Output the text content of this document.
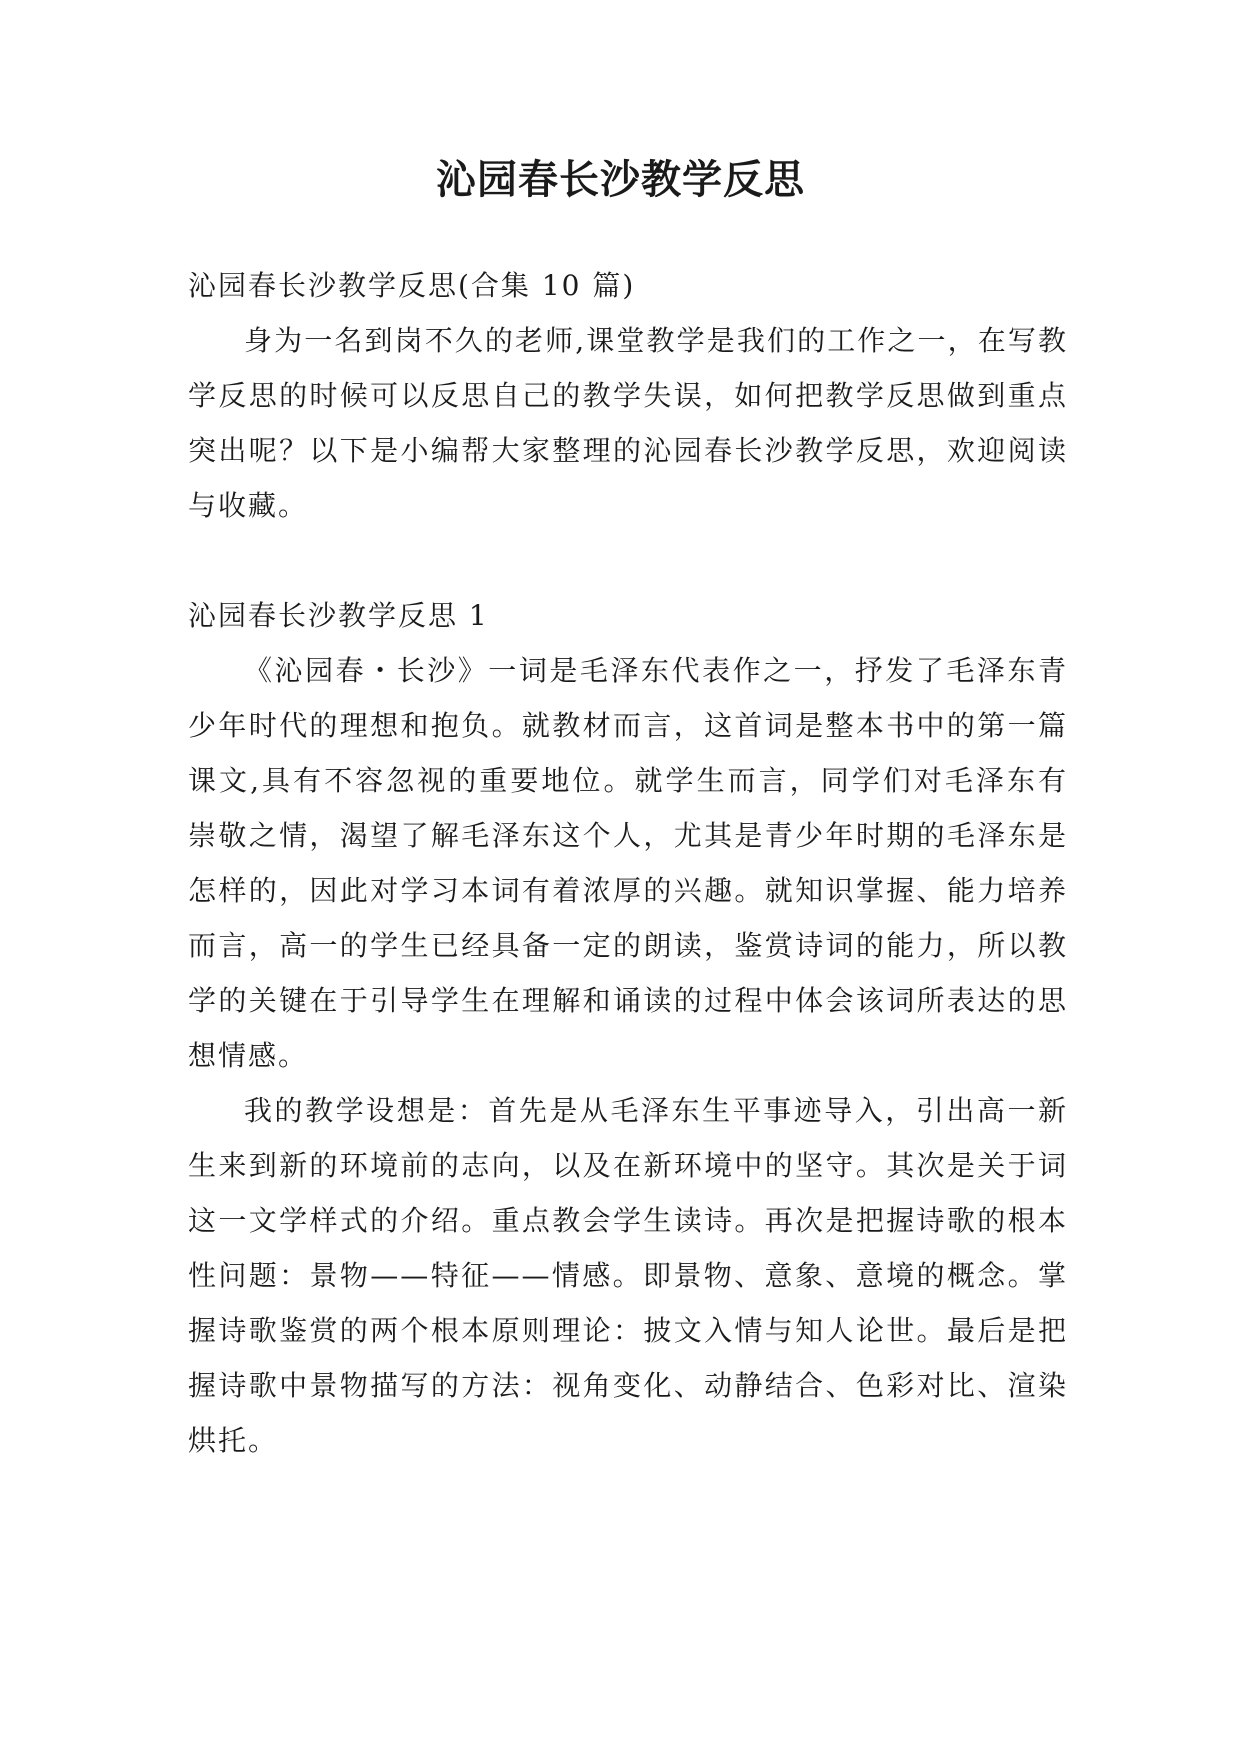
沁园春长沙教学反思

沁园春长沙教学反思(合集 10 篇)

身为一名到岗不久的老师,课堂教学是我们的工作之一，在写教学反思的时候可以反思自己的教学失误，如何把教学反思做到重点突出呢？以下是小编帮大家整理的沁园春长沙教学反思，欢迎阅读与收藏。

沁园春长沙教学反思 1

《沁园春・长沙》一词是毛泽东代表作之一，抒发了毛泽东青少年时代的理想和抱负。就教材而言，这首词是整本书中的第一篇课文,具有不容忽视的重要地位。就学生而言，同学们对毛泽东有崇敬之情，渴望了解毛泽东这个人，尤其是青少年时期的毛泽东是怎样的，因此对学习本词有着浓厚的兴趣。就知识掌握、能力培养而言，高一的学生已经具备一定的朗读，鉴赏诗词的能力，所以教学的关键在于引导学生在理解和诵读的过程中体会该词所表达的思想情感。

我的教学设想是：首先是从毛泽东生平事迹导入，引出高一新生来到新的环境前的志向，以及在新环境中的坚守。其次是关于词这一文学样式的介绍。重点教会学生读诗。再次是把握诗歌的根本性问题：景物——特征——情感。即景物、意象、意境的概念。掌握诗歌鉴赏的两个根本原则理论：披文入情与知人论世。最后是把握诗歌中景物描写的方法：视角变化、动静结合、色彩对比、渲染烘托。
